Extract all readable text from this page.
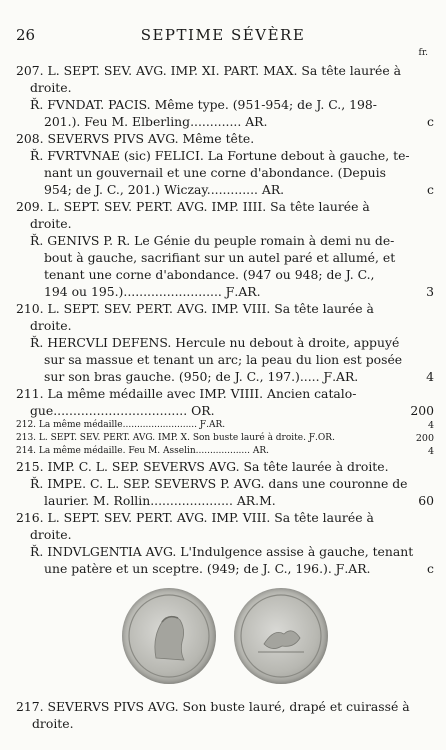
26	SEPTIME SÉVÈRE
fr.
207. L. SEPT. SEV. AVG. IMP. XI. PART. MAX. Sa tête laurée à
droite.
Ř. FVNDAT. PACIS. Même type. (951-954; de J. C., 198-
201.). Feu M. Elberling............. AR.	c
208. SEVERVS PIVS AVG. Même tête.
Ř. FVRTVNAE (sic) FELICI. La Fortune debout à gauche, te-
nant un gouvernail et une corne d'abondance. (Depuis
954; de J. C., 201.) Wiczay............. AR.	c
209. L. SEPT. SEV. PERT. AVG. IMP. IIII. Sa tête laurée à
droite.
Ř. GENIVS P. R. Le Génie du peuple romain à demi nu de-
bout à gauche, sacrifiant sur un autel paré et allumé, et
tenant une corne d'abondance. (947 ou 948; de J. C.,
194 ou 195.)......................... Ƒ.AR.	3
210. L. SEPT. SEV. PERT. AVG. IMP. VIII. Sa tête laurée à
droite.
Ř. HERCVLI DEFENS. Hercule nu debout à droite, appuyé
sur sa massue et tenant un arc; la peau du lion est posée
sur son bras gauche. (950; de J. C., 197.)..... Ƒ.AR.	4
211. La même médaille avec IMP. VIIII. Ancien catalo-
gue.................................. OR.	200
212. La même médaille.......................... Ƒ.AR.	4
213. L. SEPT. SEV. PERT. AVG. IMP. X. Son buste lauré à droite. Ƒ.OR.	200
214. La même médaille. Feu M. Asselin................... AR.	4
215. IMP. C. L. SEP. SEVERVS AVG. Sa tête laurée à droite.
Ř. IMPE. C. L. SEP. SEVERVS P. AVG. dans une couronne de
laurier. M. Rollin..................... AR.M.	60
216. L. SEPT. SEV. PERT. AVG. IMP. VIII. Sa tête laurée à
droite.
Ř. INDVLGENTIA AVG. L'Indulgence assise à gauche, tenant
une patère et un sceptre. (949; de J. C., 196.). Ƒ.AR.	c
217. SEVERVS PIVS AVG. Son buste lauré, drapé et cuirassé à
droite.
